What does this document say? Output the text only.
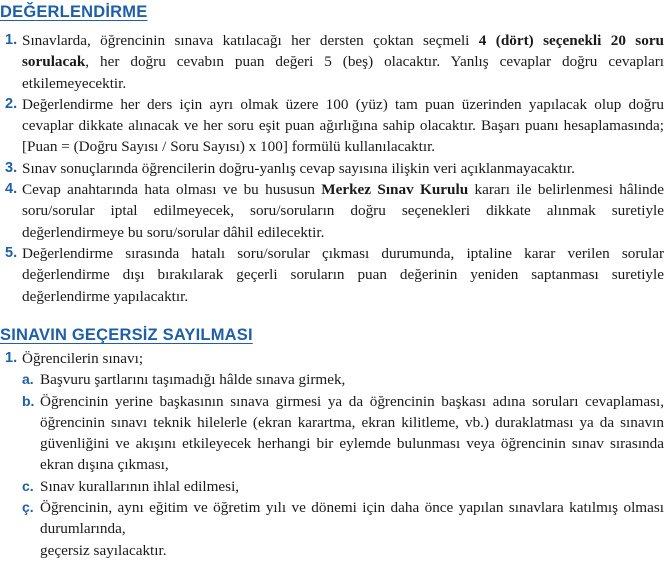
DEĞERLENDİRME
1. Sınavlarda, öğrencinin sınava katılacağı her dersten çoktan seçmeli 4 (dört) seçenekli 20 soru sorulacak, her doğru cevabın puan değeri 5 (beş) olacaktır. Yanlış cevaplar doğru cevapları etkilemeyecektir.
2. Değerlendirme her ders için ayrı olmak üzere 100 (yüz) tam puan üzerinden yapılacak olup doğru cevaplar dikkate alınacak ve her soru eşit puan ağırlığına sahip olacaktır. Başarı puanı hesaplamasında; [Puan = (Doğru Sayısı / Soru Sayısı) x 100] formülü kullanılacaktır.
3. Sınav sonuçlarında öğrencilerin doğru-yanlış cevap sayısına ilişkin veri açıklanmayacaktır.
4. Cevap anahtarında hata olması ve bu hususun Merkez Sınav Kurulu kararı ile belirlenmesi hâlinde soru/sorular iptal edilmeyecek, soru/soruların doğru seçenekleri dikkate alınmak suretiyle değerlendirmeye bu soru/sorular dâhil edilecektir.
5. Değerlendirme sırasında hatalı soru/sorular çıkması durumunda, iptaline karar verilen sorular değerlendirme dışı bırakılarak geçerli soruların puan değerinin yeniden saptanması suretiyle değerlendirme yapılacaktır.
SINAVIN GEÇERSİZ SAYILMASI
1. Öğrencilerin sınavı;
a. Başvuru şartlarını taşımadığı hâlde sınava girmek,
b. Öğrencinin yerine başkasının sınava girmesi ya da öğrencinin başkası adına soruları cevaplaması, öğrencinin sınavı teknik hilelerle (ekran karartma, ekran kilitleme, vb.) duraklatması ya da sınavın güvenliğini ve akışını etkileyecek herhangi bir eylemde bulunması veya öğrencinin sınav sırasında ekran dışına çıkması,
c. Sınav kurallarının ihlal edilmesi,
ç. Öğrencinin, aynı eğitim ve öğretim yılı ve dönemi için daha önce yapılan sınavlara katılmış olması durumlarında,
geçersiz sayılacaktır.
